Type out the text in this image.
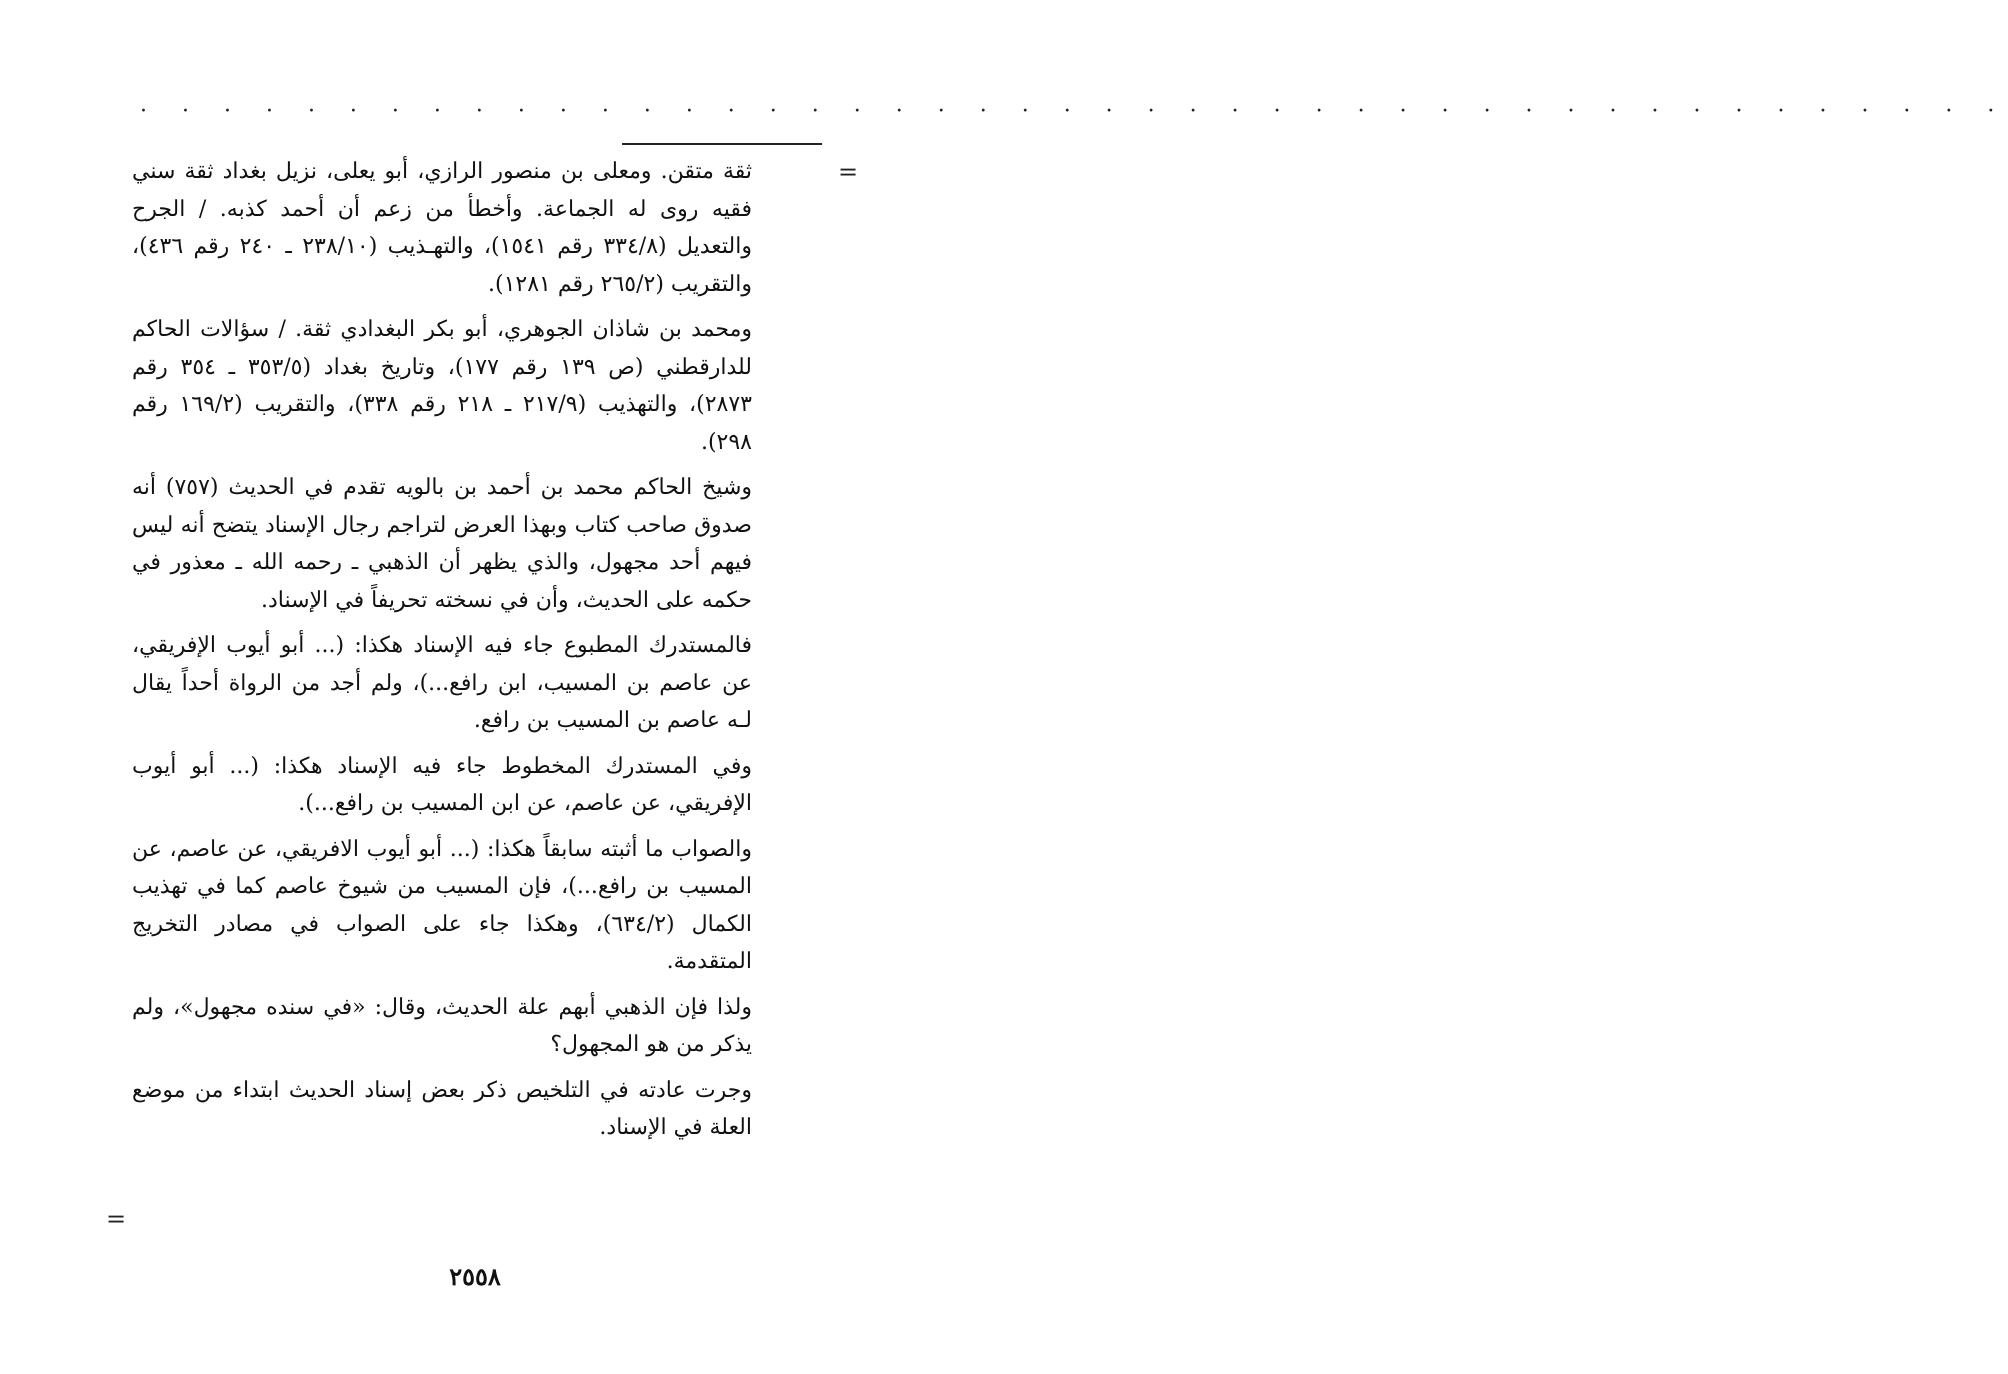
· · · · · · · · · · · · · · · · · · · · · · · · · · · · · · · · · · · · · · · · · · · · ·
=

ثقة متقن. ومعلى بن منصور الرازي، أبو يعلى، نزيل بغداد ثقة سني فقيه روى له الجماعة. وأخطأ من زعم أن أحمد كذبه. / الجرح والتعديل (٣٣٤/٨ رقم ١٥٤١)، والتهـذيب (٢٣٨/١٠ ـ ٢٤٠ رقم ٤٣٦)، والتقريب (٢٦٥/٢ رقم ١٢٨١).

ومحمد بن شاذان الجوهري، أبو بكر البغدادي ثقة. / سؤالات الحاكم للدارقطني (ص ١٣٩ رقم ١٧٧)، وتاريخ بغداد (٣٥٣/٥ ـ ٣٥٤ رقم ٢٨٧٣)، والتهذيب (٢١٧/٩ ـ ٢١٨ رقم ٣٣٨)، والتقريب (١٦٩/٢ رقم ٢٩٨).

وشيخ الحاكم محمد بن أحمد بن بالويه تقدم في الحديث (٧٥٧) أنه صدوق صاحب كتاب وبهذا العرض لتراجم رجال الإسناد يتضح أنه ليس فيهم أحد مجهول، والذي يظهر أن الذهبي ـ رحمه الله ـ معذور في حكمه على الحديث، وأن في نسخته تحريفاً في الإسناد.

فالمستدرك المطبوع جاء فيه الإسناد هكذا: (... أبو أيوب الإفريقي، عن عاصم بن المسيب، ابن رافع...)، ولم أجد من الرواة أحداً يقال لـه عاصم بن المسيب بن رافع.

وفي المستدرك المخطوط جاء فيه الإسناد هكذا: (... أبو أيوب الإفريقي، عن عاصم، عن ابن المسيب بن رافع...).

والصواب ما أثبته سابقاً هكذا: (... أبو أيوب الافريقي، عن عاصم، عن المسيب بن رافع...)، فإن المسيب من شيوخ عاصم كما في تهذيب الكمال (٦٣٤/٢)، وهكذا جاء على الصواب في مصادر التخريج المتقدمة.

ولذا فإن الذهبي أبهم علة الحديث، وقال: «في سنده مجهول»، ولم يذكر من هو المجهول؟

وجرت عادته في التلخيص ذكر بعض إسناد الحديث ابتداء من موضع العلة في الإسناد.

=
٢٥٥٨
